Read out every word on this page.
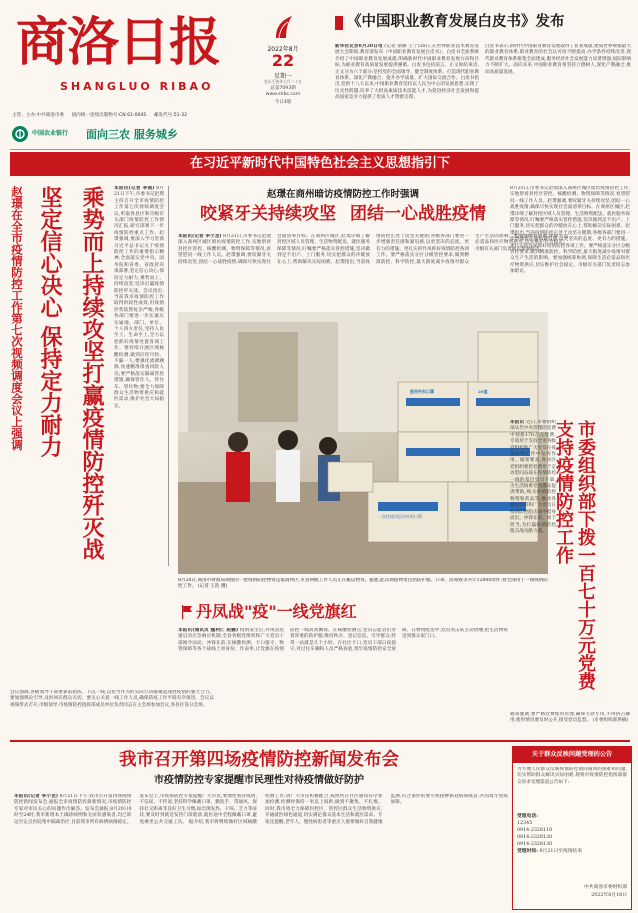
商洛日报
SHANGLUO RIBAO
2022年8月
22
星期一
农历壬寅年七月二十五
总第7093期
www.slrbs.com
今日4版
主管、主办:中共商洛市委 国内统一连续出版物号:CN 61-0045 邮发代号:51-32
中国农业银行 面向三农 服务城乡
《中国职业教育发展白皮书》发布
新华社北京8月20日电 (记者 梁赫 王宁)20日,在世界职业技术教育发展大会期间,教育部发布《中国职业教育发展白皮书》。白皮书全面系统介绍了中国职业教育发展成就,明确新时代中国职业教育发展方向和目标,为职业教育高质量发展提供遵循。白皮书包括前言、正文和结束语,正文分为六个部分:坚持党的全面领导、健全制度体系、打造现代职业教育体系、深化产教融合、提升办学质量、扩大国际交流合作。白皮书指出,党的十八大以来,中国职业教育坚持以人民为中心的发展思想,实现了历史性跨越,培养了大批高素质技术技能人才,为促进经济社会发展和提高国家竞争力提供了优质人才资源支撑。
白皮书表示,新时代中国职业教育发展取得了显著成就,建成世界规模最大的职业教育体系,职业教育的社会认可度不断提高,办学条件持续改善,现代职业教育体系框架全面建成,服务经济社会发展能力显著增强,国际影响力不断扩大。面向未来,中国职业教育将坚持立德树人,深化产教融合,推动高质量发展。
在习近平新时代中国特色社会主义思想指引下
赵璟在全市疫情防控工作第七次视频调度会议上强调	乘势而上持续攻坚打赢疫情防控歼灭战
坚定信心决心 保持定力耐力	本报讯(记者 李鸽) 8月21日下午,市委书记赵璟主持召开全市疫情防控工作第七次视频调度会议,听取各县区和市级有关部门疫情防控工作情况汇报,研究部署下一步疫情防控重点工作。赵璟强调,要深入学习贯彻习近平总书记关于疫情防控工作的重要指示精神,全面落实党中央、国务院和省委、省政府决策部署,坚定信心决心,保持定力耐力,乘势而上、持续攻坚,坚决打赢疫情防控歼灭战。会议指出,当前我市疫情防控工作取得阶段性成效,但疫情形势依然复杂严峻,各级各部门要进一步压紧压实属地、部门、单位、个人四方责任,坚持人民至上、生命至上,全力以赴抓好疫情处置各项工作。要持续开展区域核酸检测,做到应检尽检、不漏一人;要强化流调溯源,快速精准排查风险人员;要严格落实隔离管控措施,确保管住人、管住车、管住物;要全力保障群众生活物资供应和就医需求,维护社会大局稳定。
会议强调,各级领导干部要靠前指挥、下沉一线,以担当作为的实际行动凝聚起战胜疫情的强大合力。要加强舆论引导,及时回应群众关切。要关心关爱一线工作人员,确保防疫工作平稳有序推进。会议以视频形式召开,市级领导,市疫情防控指挥部成员单位负责同志在主会场参加会议,各县区设分会场。
赵璟在商州暗访疫情防控工作时强调
咬紧牙关持续攻坚 团结一心战胜疫情
本报讯(记者 李小龙) 8月21日,市委书记赵璟深入商州区城区暗访疫情防控工作,实地察看封控区管控、核酸检测、物资保障等情况,看望慰问一线工作人员。赵璟强调,要咬紧牙关持续攻坚,团结一心战胜疫情,确保尽快实现社会面清零目标。在商州区城区,赵璟详细了解封控区域人员管理、生活物资配送、就医服务保障等情况,叮嘱要严格落实管控措施,坚决做到足不出户、上门服务,切实把群众的冷暖放在心上,帮助解决实际困难。赵璟指出,当前疫情防控正处于攻坚关键期,各级各部门要进一步增强责任感和紧迫感,以更坚决的态度、更有力的措施、更扎实的作风抓好疫情防控各项工作。要严格落实分区分级管控要求,做到精准防控、科学防控,最大限度减少疫情对群众生产生活的影响。要加强统筹协调,保障生活必需品和医疗物资供应,切实维护社会稳定。市级有关部门负责同志参加暗访。
8月21日,市委书记赵璟深入商州区城区暗访疫情防控工作,实地察看封控区管控、核酸检测、物资保障等情况,看望慰问一线工作人员。赵璟强调,要咬紧牙关持续攻坚,团结一心战胜疫情,确保尽快实现社会面清零目标。在商州区城区,赵璟详细了解封控区域人员管理、生活物资配送、就医服务保障等情况,叮嘱要严格落实管控措施,坚决做到足不出户、上门服务,切实把群众的冷暖放在心上,帮助解决实际困难。赵璟指出,当前疫情防控正处于攻坚关键期,各级各部门要进一步增强责任感和紧迫感,以更坚决的态度、更有力的措施、更扎实的作风抓好疫情防控各项工作。要严格落实分区分级管控要求,做到精准防控、科学防控,最大限度减少疫情对群众生产生活的影响。要加强统筹协调,保障生活必需品和医疗物资供应,切实维护社会稳定。市级有关部门负责同志参加暗访。
医用外科口罩	20盒
一次性使用医用外科口罩
8月20日,商洛市财政局调拨的一批疫情防控物资运抵商州区,市县两级工作人员正在搬运物资。据悉,此次调拨物资包括防护服、口罩、消毒液等共计12000余件,将全部用于一线疫情防控工作。 (记者 王浩 摄)	市委组织部下拨一百七十万元党费支持疫情防控工作
本报讯 近日,市委组织部从代中央管理的党费中划拨170万元党费,专项用于支持全市各级党组织和广大党员在疫情防控工作中发挥作用。通知要求,各县区党组织要把党费用于走访慰问奋战在疫情防控一线的基层党员干部,为生活困难党员群众提供帮助,购买疫情防控物资和药品等,推动各级党组织和广大党员在疫情防控阻击战中挺身而出、冲锋在前、勇于担当,为打赢疫情防控阻击战贡献力量。
通知强调,要严格党费使用管理,确保专款专用,不得挤占挪用,使用情况要及时公开,接受党员监督。 (市委组织部供稿)
丹凤战"疫"一线党旗红
本报讯(通讯员 魏利仁 赵鹏) 疫情发生后,丹凤县迅速启动应急响应机制,全县各级党组织和广大党员干部闻令而动、冲锋在前,在核酸检测、卡口值守、物资保障等各个战线上亮身份、作表率,让党旗在疫情防控一线高高飘扬。在核酸检测点,党员志愿者们穿着厚重的防护服,维持秩序、登记信息、引导群众,经常一站就是几个小时。在社区卡口,党员干部日夜值守,对过往车辆和人员严格查验,筑牢疫情防控安全屏障。在物资配送中,党员突击队主动请缨,把生活物资送到群众家门口。
我市召开第四场疫情防控新闻发布会
市疫情防控专家提醒市民理性对待疫情做好防护
本报讯(记者 李小龙) 8月21日下午,我市召开第四场疫情防控新闻发布会,通报全市疫情防控最新情况,市疫情防控专家对市民关心的问题作出解答。发布会通报,8月20日0时至24时,我市新增本土确诊病例和无症状感染者,均已转运至定点医院集中隔离治疗,目前我市所有病例病情稳定。发布会上,市疫情防控专家提醒广大市民,要理性看待疫情,不信谣、不传谣,坚持科学佩戴口罩、勤洗手、常通风、保持社交距离等良好卫生习惯;如出现发热、干咳、乏力等症状,要及时到就近发热门诊就诊,就医途中全程佩戴口罩,避免乘坐公共交通工具。 据介绍,我市将继续做好区域核酸检测工作,请广大市民积极配合,按照所在社区通知有序参加检测,检测时保持一米以上间距,做到不聚集、不扎堆。同时,我市将全力保障封控区、管控区群众生活物资供应,开通就医绿色通道,切实满足群众基本生活和就医需求。专家还提醒,老年人、慢性病患者等重点人群要做好自我健康监测,符合条件的要尽快接种新冠病毒疫苗,共同筑牢免疫屏障。
关于群众反映问题受理的公告
为方便人民群众反映疫情防控期间遇到的困难和问题,切实帮助群众解决实际困难,现将市疫情防控指挥部群众诉求受理渠道公告如下:
受理电话:
12345
0914-2328110
0914-2328120
0914-2328130
受理时间: 8月21日至疫情结束
中共商洛市委组织部
2022年8月18日
